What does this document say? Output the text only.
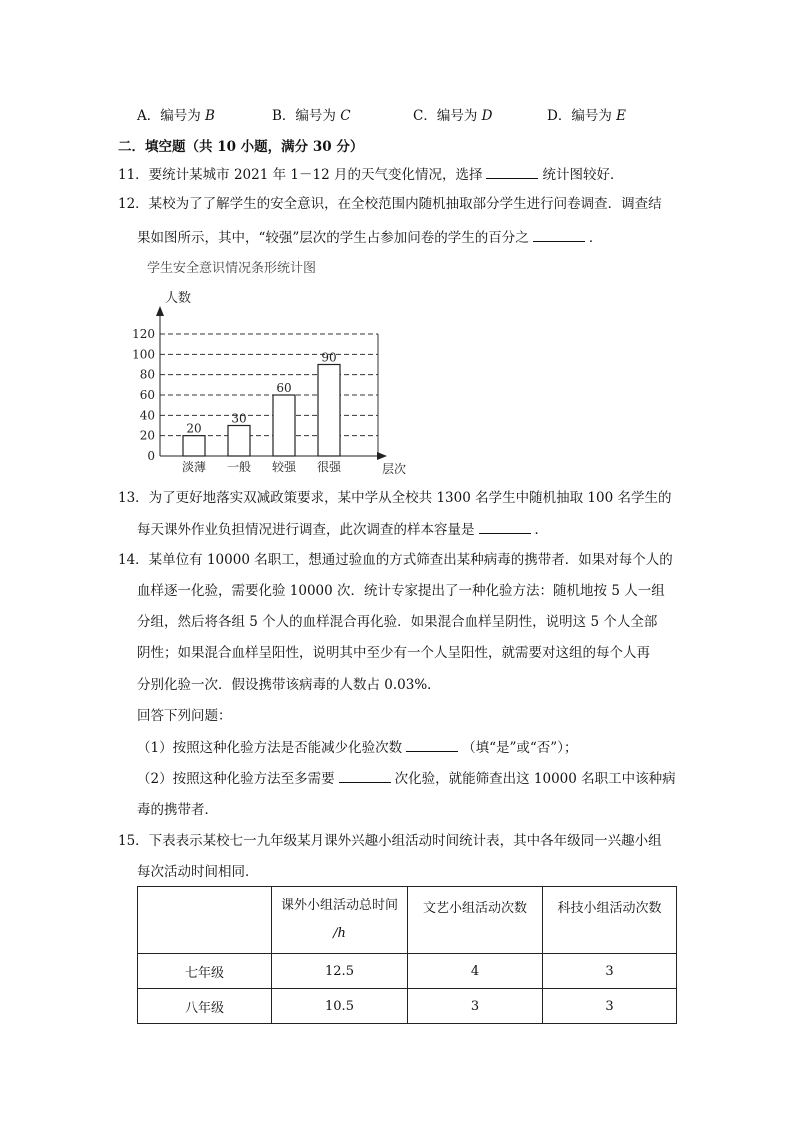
A．编号为 B	B．编号为 C	C．编号为 D	D．编号为 E
二．填空题（共 10 小题，满分 30 分）
11．要统计某城市 2021 年 1－12 月的天气变化情况，选择	统计图较好．
12．某校为了了解学生的安全意识，在全校范围内随机抽取部分学生进行问卷调查．调查结
果如图所示，其中，“较强”层次的学生占参加问卷的学生的百分之	．
学生安全意识情况条形统计图
人数
层次
0
20
40
60
80
100
120
20
淡薄
30
一般
60
较强
90
很强
13．为了更好地落实双减政策要求，某中学从全校共 1300 名学生中随机抽取 100 名学生的
每天课外作业负担情况进行调查，此次调查的样本容量是	．
14．某单位有 10000 名职工，想通过验血的方式筛查出某种病毒的携带者．如果对每个人的
血样逐一化验，需要化验 10000 次．统计专家提出了一种化验方法：随机地按 5 人一组
分组，然后将各组 5 个人的血样混合再化验．如果混合血样呈阴性，说明这 5 个人全部
阴性；如果混合血样呈阳性，说明其中至少有一个人呈阳性，就需要对这组的每个人再
分别化验一次．假设携带该病毒的人数占 0.03%．
回答下列问题：
（1）按照这种化验方法是否能减少化验次数	（填“是”或“否”）；
（2）按照这种化验方法至多需要	次化验，就能筛查出这 10000 名职工中该种病
毒的携带者．
15．下表表示某校七一九年级某月课外兴趣小组活动时间统计表，其中各年级同一兴趣小组
每次活动时间相同．
	课外小组活动总时间
/h	文艺小组活动次数	科技小组活动次数
七年级	12.5	4	3
八年级	10.5	3	3
